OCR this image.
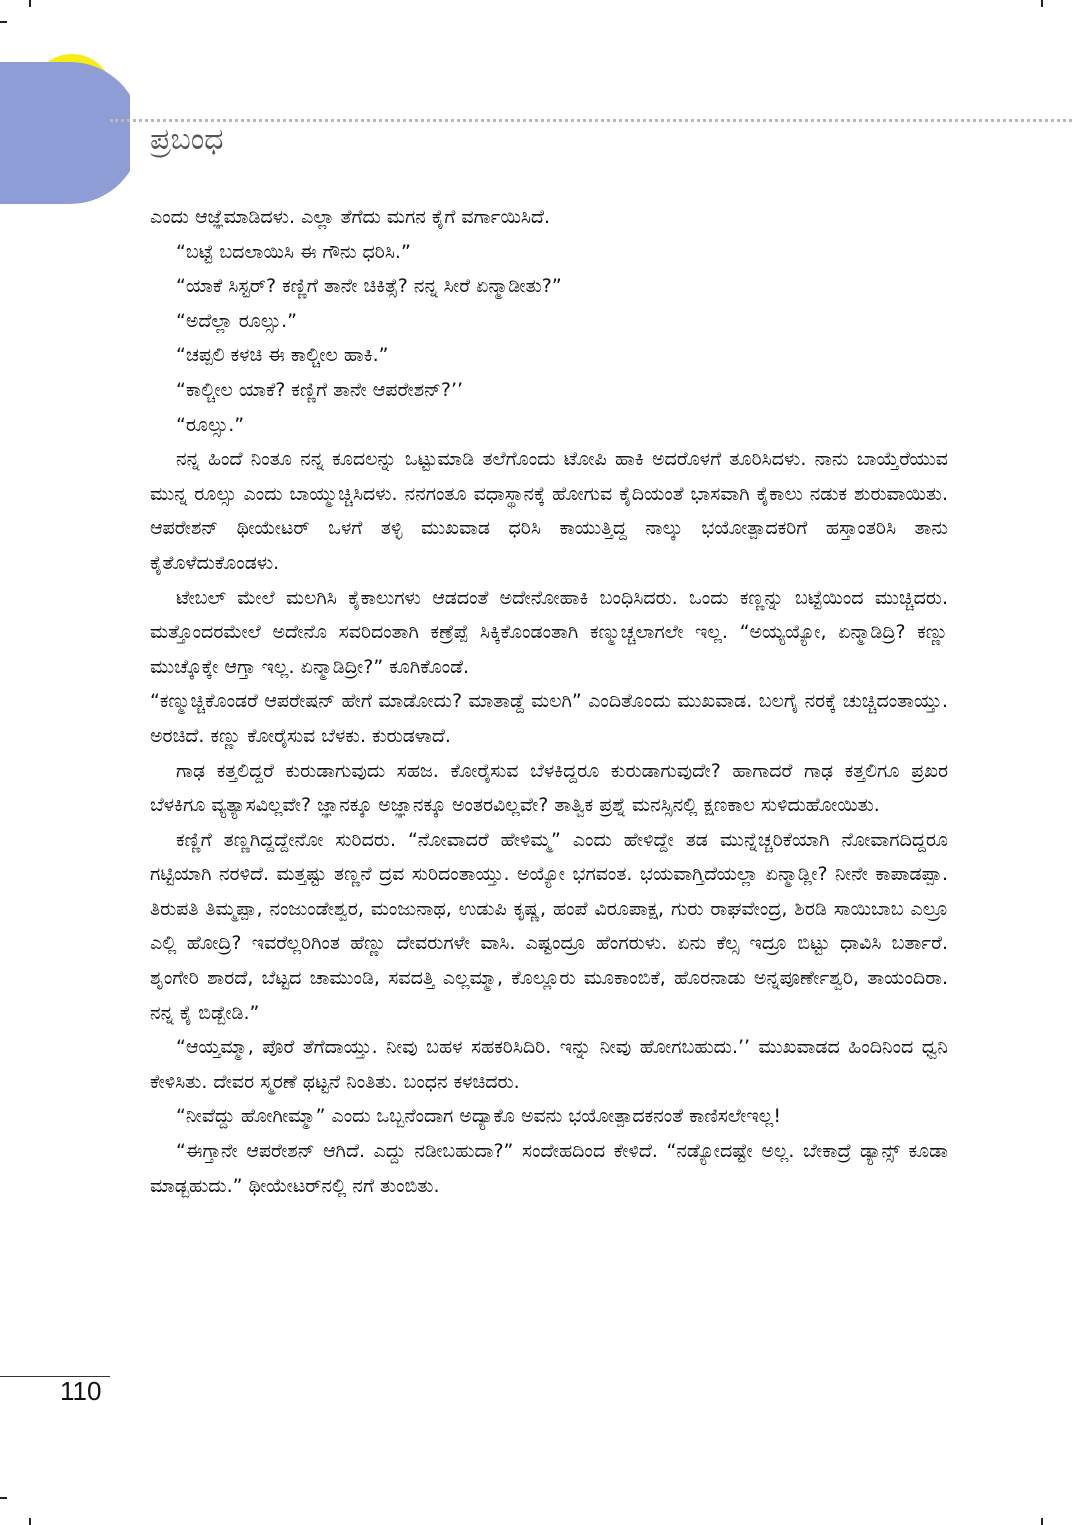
ಪ್ರಬಂಧ

ಎಂದು ಆಜ್ಞೆಮಾಡಿದಳು. ಎಲ್ಲಾ ತೆಗೆದು ಮಗನ ಕೈಗೆ ವರ್ಗಾಯಿಸಿದೆ.

“ಬಟ್ಟೆ ಬದಲಾಯಿಸಿ ಈ ಗೌನು ಧರಿಸಿ.”

“ಯಾಕೆ ಸಿಸ್ಟರ್? ಕಣ್ಣಿಗೆ ತಾನೇ ಚಿಕಿತ್ಸೆ? ನನ್ನ ಸೀರೆ ಏನ್ಮಾಡೀತು?”

“ಅದೆಲ್ಲಾ ರೂಲ್ಸು.”

“ಚಪ್ಪಲಿ ಕಳಚಿ ಈ ಕಾಲ್ಚೀಲ ಹಾಕಿ.”

“ಕಾಲ್ಚೀಲ ಯಾಕೆ? ಕಣ್ಣಿಗೆ ತಾನೇ ಆಪರೇಶನ್?’’

“ರೂಲ್ಸು.”

ನನ್ನ ಹಿಂದೆ ನಿಂತೂ ನನ್ನ ಕೂದಲನ್ನು ಒಟ್ಟುಮಾಡಿ ತಲೆಗೊಂದು ಟೋಪಿ ಹಾಕಿ ಅದರೊಳಗೆ ತೂರಿಸಿದಳು. ನಾನು ಬಾಯ್ತೆರೆಯುವ ಮುನ್ನ ರೂಲ್ಸು ಎಂದು ಬಾಯ್ಮುಚ್ಚಿಸಿದಳು. ನನಗಂತೂ ವಧಾಸ್ಥಾನಕ್ಕೆ ಹೋಗುವ ಕೈದಿಯಂತೆ ಭಾಸವಾಗಿ ಕೈಕಾಲು ನಡುಕ ಶುರುವಾಯಿತು. ಆಪರೇಶನ್ ಥೀಯೇಟರ್ ಒಳಗೆ ತಳ್ಳಿ ಮುಖವಾಡ ಧರಿಸಿ ಕಾಯುತ್ತಿದ್ದ ನಾಲ್ಕು ಭಯೋತ್ಪಾದಕರಿಗೆ ಹಸ್ತಾಂತರಿಸಿ ತಾನು ಕೈತೊಳೆದುಕೊಂಡಳು.

ಟೇಬಲ್ ಮೇಲೆ ಮಲಗಿಸಿ ಕೈಕಾಲುಗಳು ಆಡದಂತೆ ಅದೇನೋಹಾಕಿ ಬಂಧಿಸಿದರು. ಒಂದು ಕಣ್ಣನ್ನು ಬಟ್ಟೆಯಿಂದ ಮುಚ್ಚಿದರು. ಮತ್ತೊಂದರಮೇಲೆ ಅದೇನೊ ಸವರಿದಂತಾಗಿ ಕಣ್ರೆಪ್ಪೆ ಸಿಕ್ಕಿಕೊಂಡಂತಾಗಿ ಕಣ್ಮುಚ್ಚಲಾಗಲೇ ಇಲ್ಲ. “ಅಯ್ಯಯ್ಯೋ, ಏನ್ಮಾಡಿದ್ರಿ? ಕಣ್ಣು ಮುಚ್ಕೊಕ್ಕೇ ಆಗ್ತಾ ಇಲ್ಲ. ಏನ್ಮಾಡಿದ್ರೀ?” ಕೂಗಿಕೊಂಡೆ.

“ಕಣ್ಮುಚ್ಚಿಕೊಂಡರೆ ಆಪರೇಷನ್ ಹೇಗೆ ಮಾಡೋದು? ಮಾತಾಡ್ದೆ ಮಲಗಿ” ಎಂದಿತೊಂದು ಮುಖವಾಡ. ಬಲಗೈ ನರಕ್ಕೆ ಚುಚ್ಚಿದಂತಾಯ್ತು. ಅರಚಿದೆ. ಕಣ್ಣು ಕೋರೈಸುವ ಬೆಳಕು. ಕುರುಡಳಾದೆ.

ಗಾಢ ಕತ್ತಲಿದ್ದರೆ ಕುರುಡಾಗುವುದು ಸಹಜ. ಕೋರೈಸುವ ಬೆಳಕಿದ್ದರೂ ಕುರುಡಾಗುವುದೇ? ಹಾಗಾದರೆ ಗಾಢ ಕತ್ತಲಿಗೂ ಪ್ರಖರ ಬೆಳಕಿಗೂ ವ್ಯತ್ಯಾಸವಿಲ್ಲವೇ? ಜ್ಞಾನಕ್ಕೂ ಅಜ್ಞಾನಕ್ಕೂ ಅಂತರವಿಲ್ಲವೇ? ತಾತ್ವಿಕ ಪ್ರಶ್ನೆ ಮನಸ್ಸಿನಲ್ಲಿ ಕ್ಷಣಕಾಲ ಸುಳಿದುಹೋಯಿತು.

ಕಣ್ಣಿಗೆ ತಣ್ಣಗಿದ್ದದ್ದೇನೋ ಸುರಿದರು. “ನೋವಾದರೆ ಹೇಳಿಮ್ಮ” ಎಂದು ಹೇಳಿದ್ದೇ ತಡ ಮುನ್ನೆಚ್ಚರಿಕೆಯಾಗಿ ನೋವಾಗದಿದ್ದರೂ ಗಟ್ಟಿಯಾಗಿ ನರಳಿದೆ. ಮತ್ತಷ್ಟು ತಣ್ಣನೆ ದ್ರವ ಸುರಿದಂತಾಯ್ತು. ಅಯ್ಯೋ ಭಗವಂತ. ಭಯವಾಗ್ತಿದೆಯಲ್ಲಾ ಏನ್ಮಾಡ್ಲೀ? ನೀನೇ ಕಾಪಾಡಪ್ಪಾ. ತಿರುಪತಿ ತಿಮ್ಮಪ್ಪಾ, ನಂಜುಂಡೇಶ್ವರ, ಮಂಜುನಾಥ, ಉಡುಪಿ ಕೃಷ್ಣ, ಹಂಪೆ ವಿರೂಪಾಕ್ಷ, ಗುರು ರಾಘವೇಂದ್ರ, ಶಿರಡಿ ಸಾಯಿಬಾಬ ಎಲ್ರೂ ಎಲ್ಲಿ ಹೋದ್ರಿ? ಇವರೆಲ್ಲರಿಗಿಂತ ಹೆಣ್ಣು ದೇವರುಗಳೇ ವಾಸಿ. ಎಷ್ಟಂದ್ರೂ ಹೆಂಗರುಳು. ಏನು ಕೆಲ್ಸ ಇದ್ರೂ ಬಿಟ್ಟು ಧಾವಿಸಿ ಬರ್ತಾರೆ. ಶೃಂಗೇರಿ ಶಾರದೆ, ಬೆಟ್ಟದ ಚಾಮುಂಡಿ, ಸವದತ್ತಿ ಎಲ್ಲಮ್ಮಾ, ಕೊಲ್ಲೂರು ಮೂಕಾಂಬಿಕೆ, ಹೊರನಾಡು ಅನ್ನಪೂರ್ಣೇಶ್ವರಿ, ತಾಯಂದಿರಾ. ನನ್ನ ಕೈ ಬಿಡ್ಬೇಡಿ.”

“ಆಯ್ತಮ್ಮಾ, ಪೊರೆ ತೆಗೆದಾಯ್ತು. ನೀವು ಬಹಳ ಸಹಕರಿಸಿದಿರಿ. ಇನ್ನು ನೀವು ಹೋಗಬಹುದು.’’ ಮುಖವಾಡದ ಹಿಂದಿನಿಂದ ಧ್ವನಿ ಕೇಳಿಸಿತು. ದೇವರ ಸ್ಮರಣೆ ಥಟ್ಟನೆ ನಿಂತಿತು. ಬಂಧನ ಕಳಚಿದರು.

“ನೀವೆದ್ದು ಹೋಗೀಮ್ಮಾ” ಎಂದು ಒಬ್ಬನೆಂದಾಗ ಅದ್ಯಾಕೊ ಅವನು ಭಯೋತ್ಪಾದಕನಂತೆ ಕಾಣಿಸಲೇಇಲ್ಲ!

“ಈಗ್ತಾನೇ ಆಪರೇಶನ್ ಆಗಿದೆ. ಎದ್ದು ನಡೀಬಹುದಾ?” ಸಂದೇಹದಿಂದ ಕೇಳಿದೆ. “ನಡ್ಯೋದಷ್ಟೇ ಅಲ್ಲ. ಬೇಕಾದ್ರೆ ಡ್ಯಾನ್ಸ್ ಕೂಡಾ ಮಾಡ್ಬಹುದು.” ಥೀಯೇಟರ್‌ನಲ್ಲಿ ನಗೆ ತುಂಬಿತು.

110
